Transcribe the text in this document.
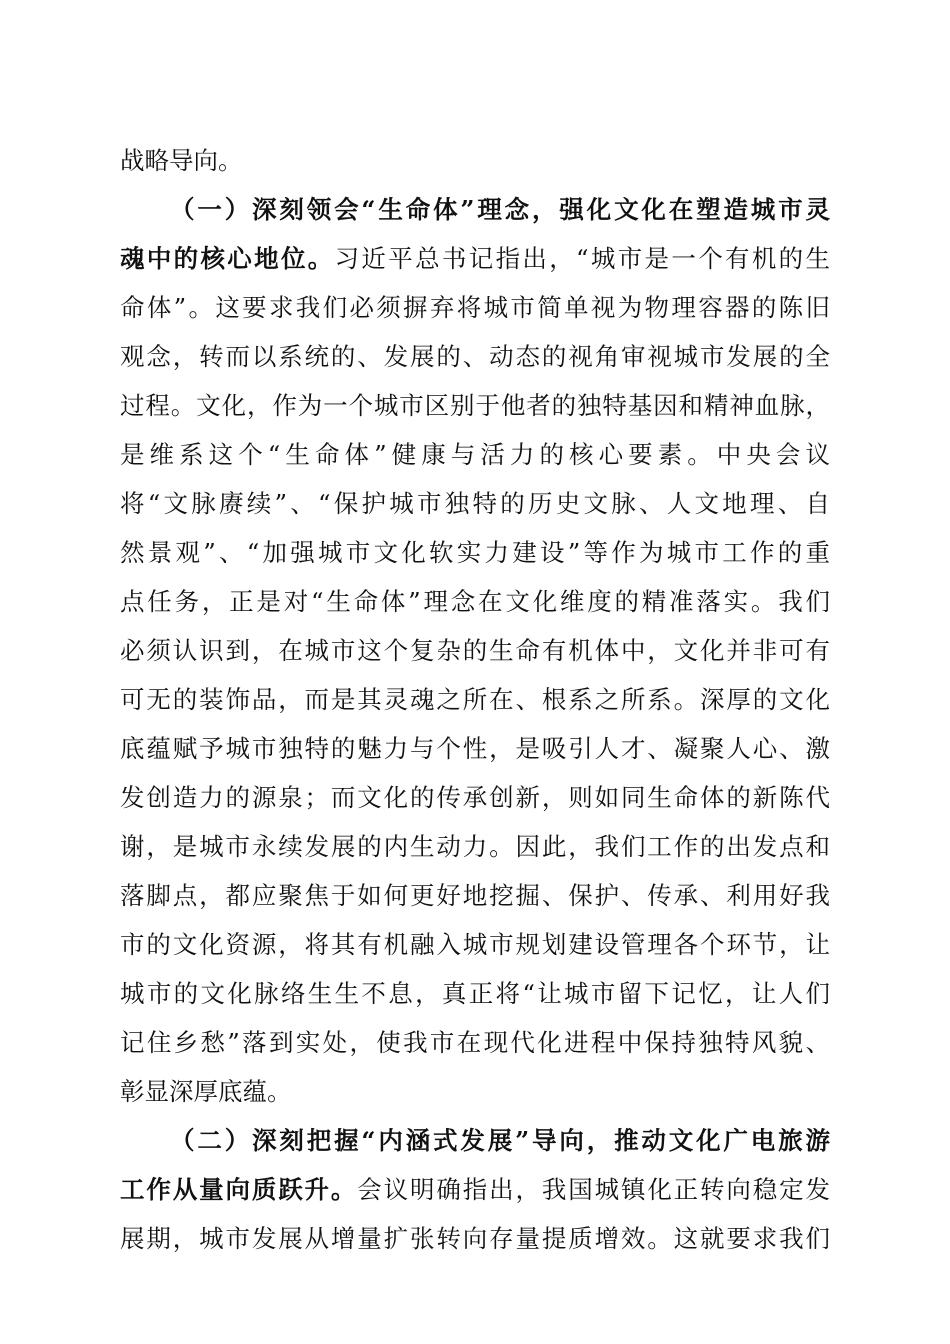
战略导向。
（一）深刻领会“生命体”理念，强化文化在塑造城市灵
魂中的核心地位。习近平总书记指出，“城市是一个有机的生
命体”。这要求我们必须摒弃将城市简单视为物理容器的陈旧
观念，转而以系统的、发展的、动态的视角审视城市发展的全
过程。文化，作为一个城市区别于他者的独特基因和精神血脉，
是维系这个“生命体”健康与活力的核心要素。中央会议
将“文脉赓续”、“保护城市独特的历史文脉、人文地理、自
然景观”、“加强城市文化软实力建设”等作为城市工作的重
点任务，正是对“生命体”理念在文化维度的精准落实。我们
必须认识到，在城市这个复杂的生命有机体中，文化并非可有
可无的装饰品，而是其灵魂之所在、根系之所系。深厚的文化
底蕴赋予城市独特的魅力与个性，是吸引人才、凝聚人心、激
发创造力的源泉；而文化的传承创新，则如同生命体的新陈代
谢，是城市永续发展的内生动力。因此，我们工作的出发点和
落脚点，都应聚焦于如何更好地挖掘、保护、传承、利用好我
市的文化资源，将其有机融入城市规划建设管理各个环节，让
城市的文化脉络生生不息，真正将“让城市留下记忆，让人们
记住乡愁”落到实处，使我市在现代化进程中保持独特风貌、
彰显深厚底蕴。
（二）深刻把握“内涵式发展”导向，推动文化广电旅游
工作从量向质跃升。会议明确指出，我国城镇化正转向稳定发
展期，城市发展从增量扩张转向存量提质增效。这就要求我们
